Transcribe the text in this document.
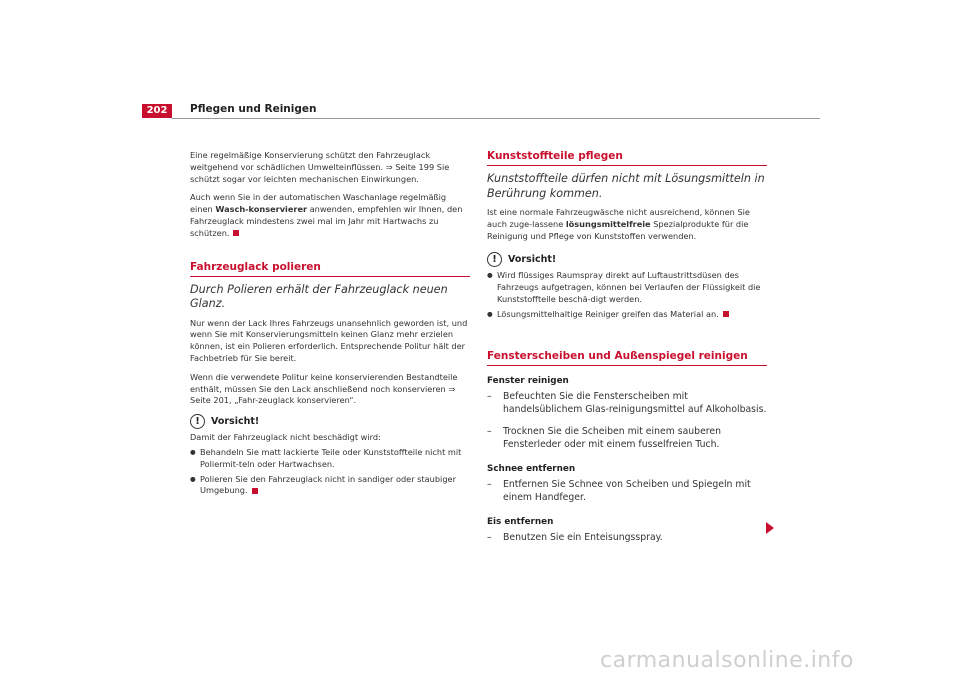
202	Pflegen und Reinigen

Eine regelmäßige Konservierung schützt den Fahrzeuglack weitgehend vor schädlichen Umwelteinflüssen. ⇒ Seite 199 Sie schützt sogar vor leichten mechanischen Einwirkungen.

Auch wenn Sie in der automatischen Waschanlage regelmäßig einen Wasch-konservierer anwenden, empfehlen wir Ihnen, den Fahrzeuglack mindestens zwei mal im Jahr mit Hartwachs zu schützen.

Fahrzeuglack polieren
Durch Polieren erhält der Fahrzeuglack neuen Glanz.

Nur wenn der Lack Ihres Fahrzeugs unansehnlich geworden ist, und wenn Sie mit Konservierungsmitteln keinen Glanz mehr erzielen können, ist ein Polieren erforderlich. Entsprechende Politur hält der Fachbetrieb für Sie bereit.

Wenn die verwendete Politur keine konservierenden Bestandteile enthält, müssen Sie den Lack anschließend noch konservieren ⇒ Seite 201, „Fahr-zeuglack konservieren“.

!	Vorsicht!

Damit der Fahrzeuglack nicht beschädigt wird:

● Behandeln Sie matt lackierte Teile oder Kunststoffteile nicht mit Poliermit-teln oder Hartwachsen.

● Polieren Sie den Fahrzeuglack nicht in sandiger oder staubiger Umgebung.

Kunststoffteile pflegen
Kunststoffteile dürfen nicht mit Lösungsmitteln in Berührung kommen.

Ist eine normale Fahrzeugwäsche nicht ausreichend, können Sie auch zuge-lassene lösungsmittelfreie Spezialprodukte für die Reinigung und Pflege von Kunststoffen verwenden.

!	Vorsicht!

● Wird flüssiges Raumspray direkt auf Luftaustrittsdüsen des Fahrzeugs aufgetragen, können bei Verlaufen der Flüssigkeit die Kunststoffteile beschä-digt werden.

● Lösungsmittelhaltige Reiniger greifen das Material an.

Fensterscheiben und Außenspiegel reinigen
Fenster reinigen
– Befeuchten Sie die Fensterscheiben mit handelsüblichem Glas-reinigungsmittel auf Alkoholbasis.
– Trocknen Sie die Scheiben mit einem sauberen Fensterleder oder mit einem fusselfreien Tuch.
Schnee entfernen
– Entfernen Sie Schnee von Scheiben und Spiegeln mit einem Handfeger.
Eis entfernen
– Benutzen Sie ein Enteisungsspray.
carmanualsonline.info
